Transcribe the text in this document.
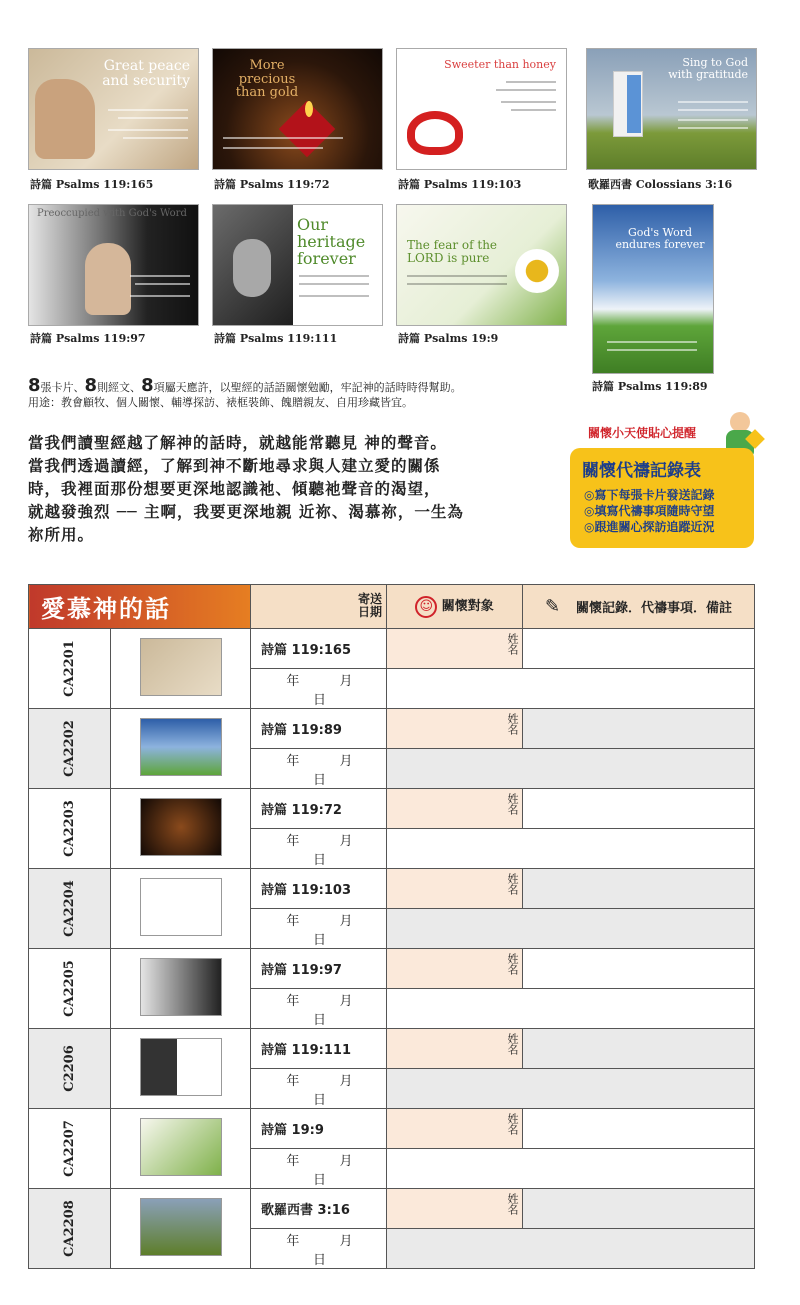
Great peace and security
詩篇 Psalms 119:165
More precious than gold
詩篇 Psalms 119:72
Sweeter than honey
詩篇 Psalms 119:103
Sing to God with gratitude
歌羅西書 Colossians 3:16
Preoccupied with God's Word
詩篇 Psalms 119:97
Our heritage forever
詩篇 Psalms 119:111
The fear of the LORD is pure
詩篇 Psalms 19:9
God's Word endures forever
詩篇 Psalms 119:89
8張卡片、8則經文、8項屬天應許，以聖經的話語關懷勉勵，牢記神的話時時得幫助。
用途：教會顧牧、個人關懷、輔導探訪、裱框裝飾、餽贈親友、自用珍藏皆宜。
當我們讀聖經越了解神的話時，就越能常聽見 神的聲音。
當我們透過讀經，了解到神不斷地尋求與人建立愛的關係
時，我裡面那份想要更深地認識祂、傾聽祂聲音的渴望，
就越發強烈 ── 主啊，我要更深地親 近祢、渴慕祢，一生為
祢所用。
關懷小天使貼心提醒
關懷代禱記錄表
◎寫下每張卡片發送記錄
◎填寫代禱事項隨時守望
◎跟進關心探訪追蹤近況
愛慕神的話		寄送日期	☺ 關懷對象	✎ 關懷記錄．代禱事項．備註
CA2201		詩篇 119:165	姓名	
		年 月 日		
CA2202		詩篇 119:89	姓名	
		年 月 日		
CA2203		詩篇 119:72	姓名	
		年 月 日		
CA2204		詩篇 119:103	姓名	
		年 月 日		
CA2205		詩篇 119:97	姓名	
		年 月 日		
C2206		詩篇 119:111	姓名	
		年 月 日		
CA2207		詩篇 19:9	姓名	
		年 月 日		
CA2208		歌羅西書 3:16	姓名	
		年 月 日		
